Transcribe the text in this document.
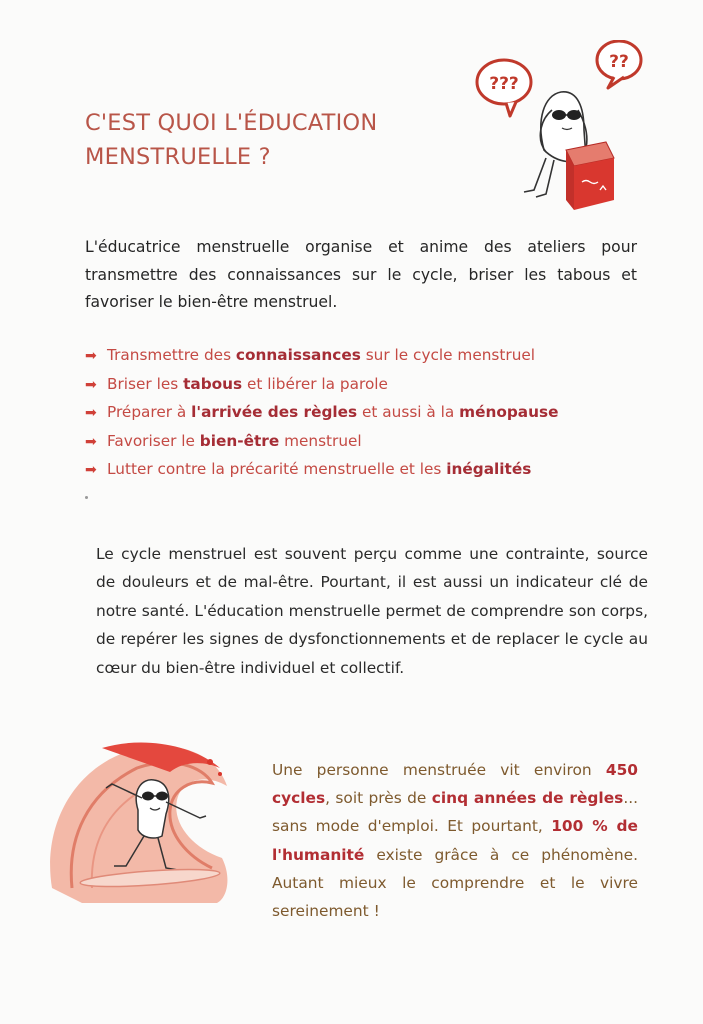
C'EST QUOI L'ÉDUCATION
MENSTRUELLE ?
???
??
L'éducatrice menstruelle organise et anime des ateliers pour transmettre des connaissances sur le cycle, briser les tabous et favoriser le bien-être menstruel.
➡ Transmettre des connaissances sur le cycle menstruel
➡ Briser les tabous et libérer la parole
➡ Préparer à l'arrivée des règles et aussi à la ménopause
➡ Favoriser le bien-être menstruel
➡ Lutter contre la précarité menstruelle et les inégalités
Le cycle menstruel est souvent perçu comme une contrainte, source de douleurs et de mal-être. Pourtant, il est aussi un indicateur clé de notre santé. L'éducation menstruelle permet de comprendre son corps, de repérer les signes de dysfonctionnements et de replacer le cycle au cœur du bien-être individuel et collectif.
Une personne menstruée vit environ 450 cycles, soit près de cinq années de règles... sans mode d'emploi. Et pourtant, 100 % de l'humanité existe grâce à ce phénomène. Autant mieux le comprendre et le vivre sereinement !
